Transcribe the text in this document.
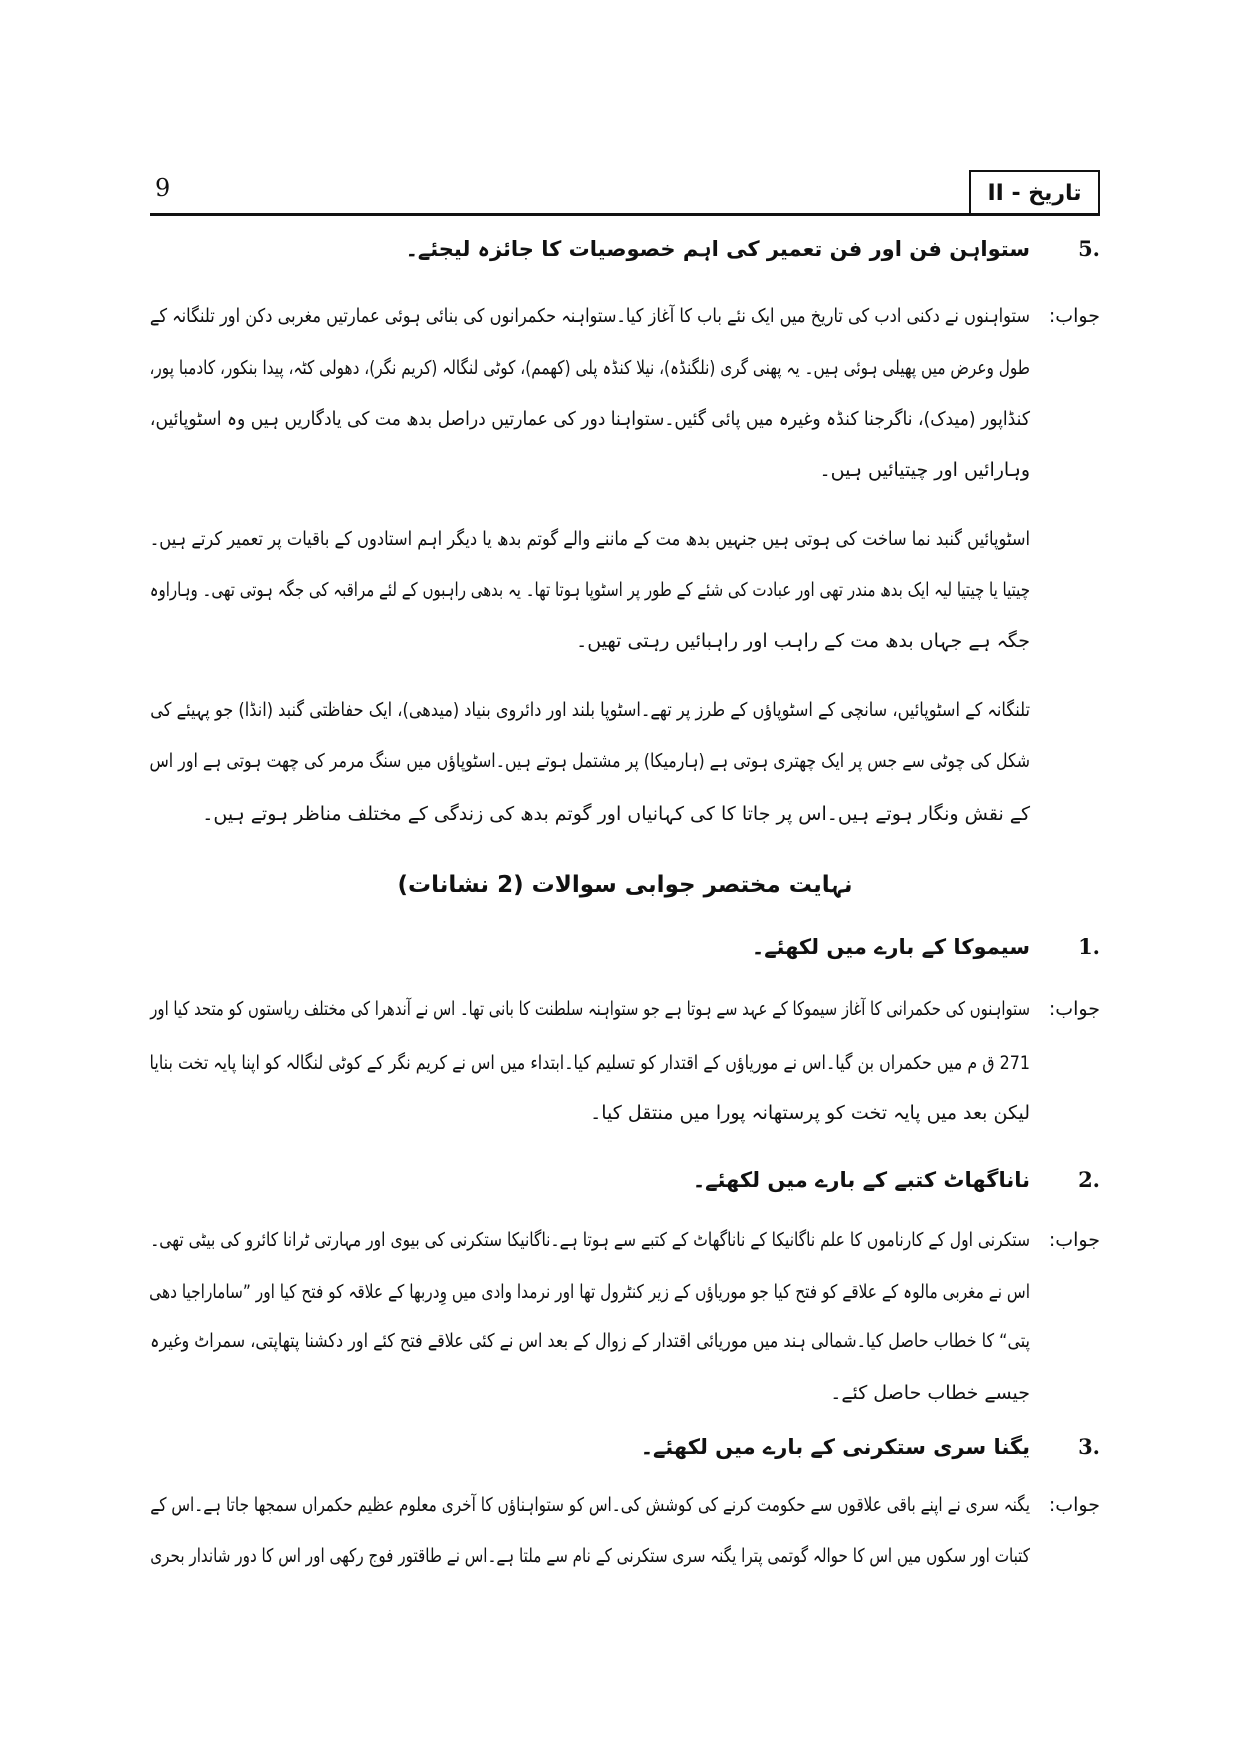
9	تاریخ - II
5.
ستواہن فن اور فن تعمیر کی اہم خصوصیات کا جائزہ لیجئے۔
جواب:
ستواہنوں نے دکنی ادب کی تاریخ میں ایک نئے باب کا آغاز کیا۔ستواہنہ حکمرانوں کی بنائی ہوئی عمارتیں مغربی دکن اور تلنگانہ کے
طول وعرض میں پھیلی ہوئی ہیں۔ یہ پھنی گری (نلگنڈہ)، نیلا کنڈہ پلی (کھمم)، کوٹی لنگالہ (کریم نگر)، دھولی کٹہ، پیدا بنکور، کادمبا پور،
کنڈاپور (میدک)، ناگرجنا کنڈہ وغیرہ میں پائی گئیں۔ستواہنا دور کی عمارتیں دراصل بدھ مت کی یادگاریں ہیں وہ اسٹوپائیں،
وہارائیں اور چیتیائیں ہیں۔
اسٹوپائیں گنبد نما ساخت کی ہوتی ہیں جنہیں بدھ مت کے ماننے والے گوتم بدھ یا دیگر اہم استادوں کے باقیات پر تعمیر کرتے ہیں۔
چیتیا یا چیتیا لیہ ایک بدھ مندر تھی اور عبادت کی شئے کے طور پر اسٹوپا ہوتا تھا۔ یہ بدھی راہبوں کے لئے مراقبہ کی جگہ ہوتی تھی۔ وہاراوہ
جگہ ہے جہاں بدھ مت کے راہب اور راہبائیں رہتی تھیں۔
تلنگانہ کے اسٹوپائیں، سانچی کے اسٹوپاؤں کے طرز پر تھے۔اسٹوپا بلند اور دائروی بنیاد (میدھی)، ایک حفاظتی گنبد (انڈا) جو پہیئے کی
شکل کی چوٹی سے جس پر ایک چھتری ہوتی ہے (ہارمیکا) پر مشتمل ہوتے ہیں۔اسٹوپاؤں میں سنگ مرمر کی چھت ہوتی ہے اور اس
کے نقش ونگار ہوتے ہیں۔اس پر جاتا کا کی کہانیاں اور گوتم بدھ کی زندگی کے مختلف مناظر ہوتے ہیں۔
نہایت مختصر جوابی سوالات (2 نشانات)
1.
سیموکا کے بارے میں لکھئے۔
جواب:
ستواہنوں کی حکمرانی کا آغاز سیموکا کے عہد سے ہوتا ہے جو ستواہنہ سلطنت کا بانی تھا۔ اس نے آندھرا کی مختلف ریاستوں کو متحد کیا اور
271 ق م میں حکمراں بن گیا۔اس نے موریاؤں کے اقتدار کو تسلیم کیا۔ابتداء میں اس نے کریم نگر کے کوٹی لنگالہ کو اپنا پایہ تخت بنایا
لیکن بعد میں پایہ تخت کو پرستھانہ پورا میں منتقل کیا۔
2.
ناناگھاٹ کتبے کے بارے میں لکھئے۔
جواب:
ستکرنی اول کے کارناموں کا علم ناگانیکا کے ناناگھاٹ کے کتبے سے ہوتا ہے۔ناگانیکا ستکرنی کی بیوی اور مہارتی ٹرانا کائرو کی بیٹی تھی۔
اس نے مغربی مالوہ کے علاقے کو فتح کیا جو موریاؤں کے زیر کنٹرول تھا اور نرمدا وادی میں وِدربھا کے علاقہ کو فتح کیا اور ”ساماراجیا دھی
پتی“ کا خطاب حاصل کیا۔شمالی ہند میں موریائی اقتدار کے زوال کے بعد اس نے کئی علاقے فتح کئے اور دکشنا پتھاپتی، سمراٹ وغیرہ
جیسے خطاب حاصل کئے۔
3.
یگنا سری ستکرنی کے بارے میں لکھئے۔
جواب:
یگنہ سری نے اپنے باقی علاقوں سے حکومت کرنے کی کوشش کی۔اس کو ستواہناؤں کا آخری معلوم عظیم حکمراں سمجھا جاتا ہے۔اس کے
کتبات اور سکوں میں اس کا حوالہ گوتمی پترا یگنہ سری ستکرنی کے نام سے ملتا ہے۔اس نے طاقتور فوج رکھی اور اس کا دور شاندار بحری
